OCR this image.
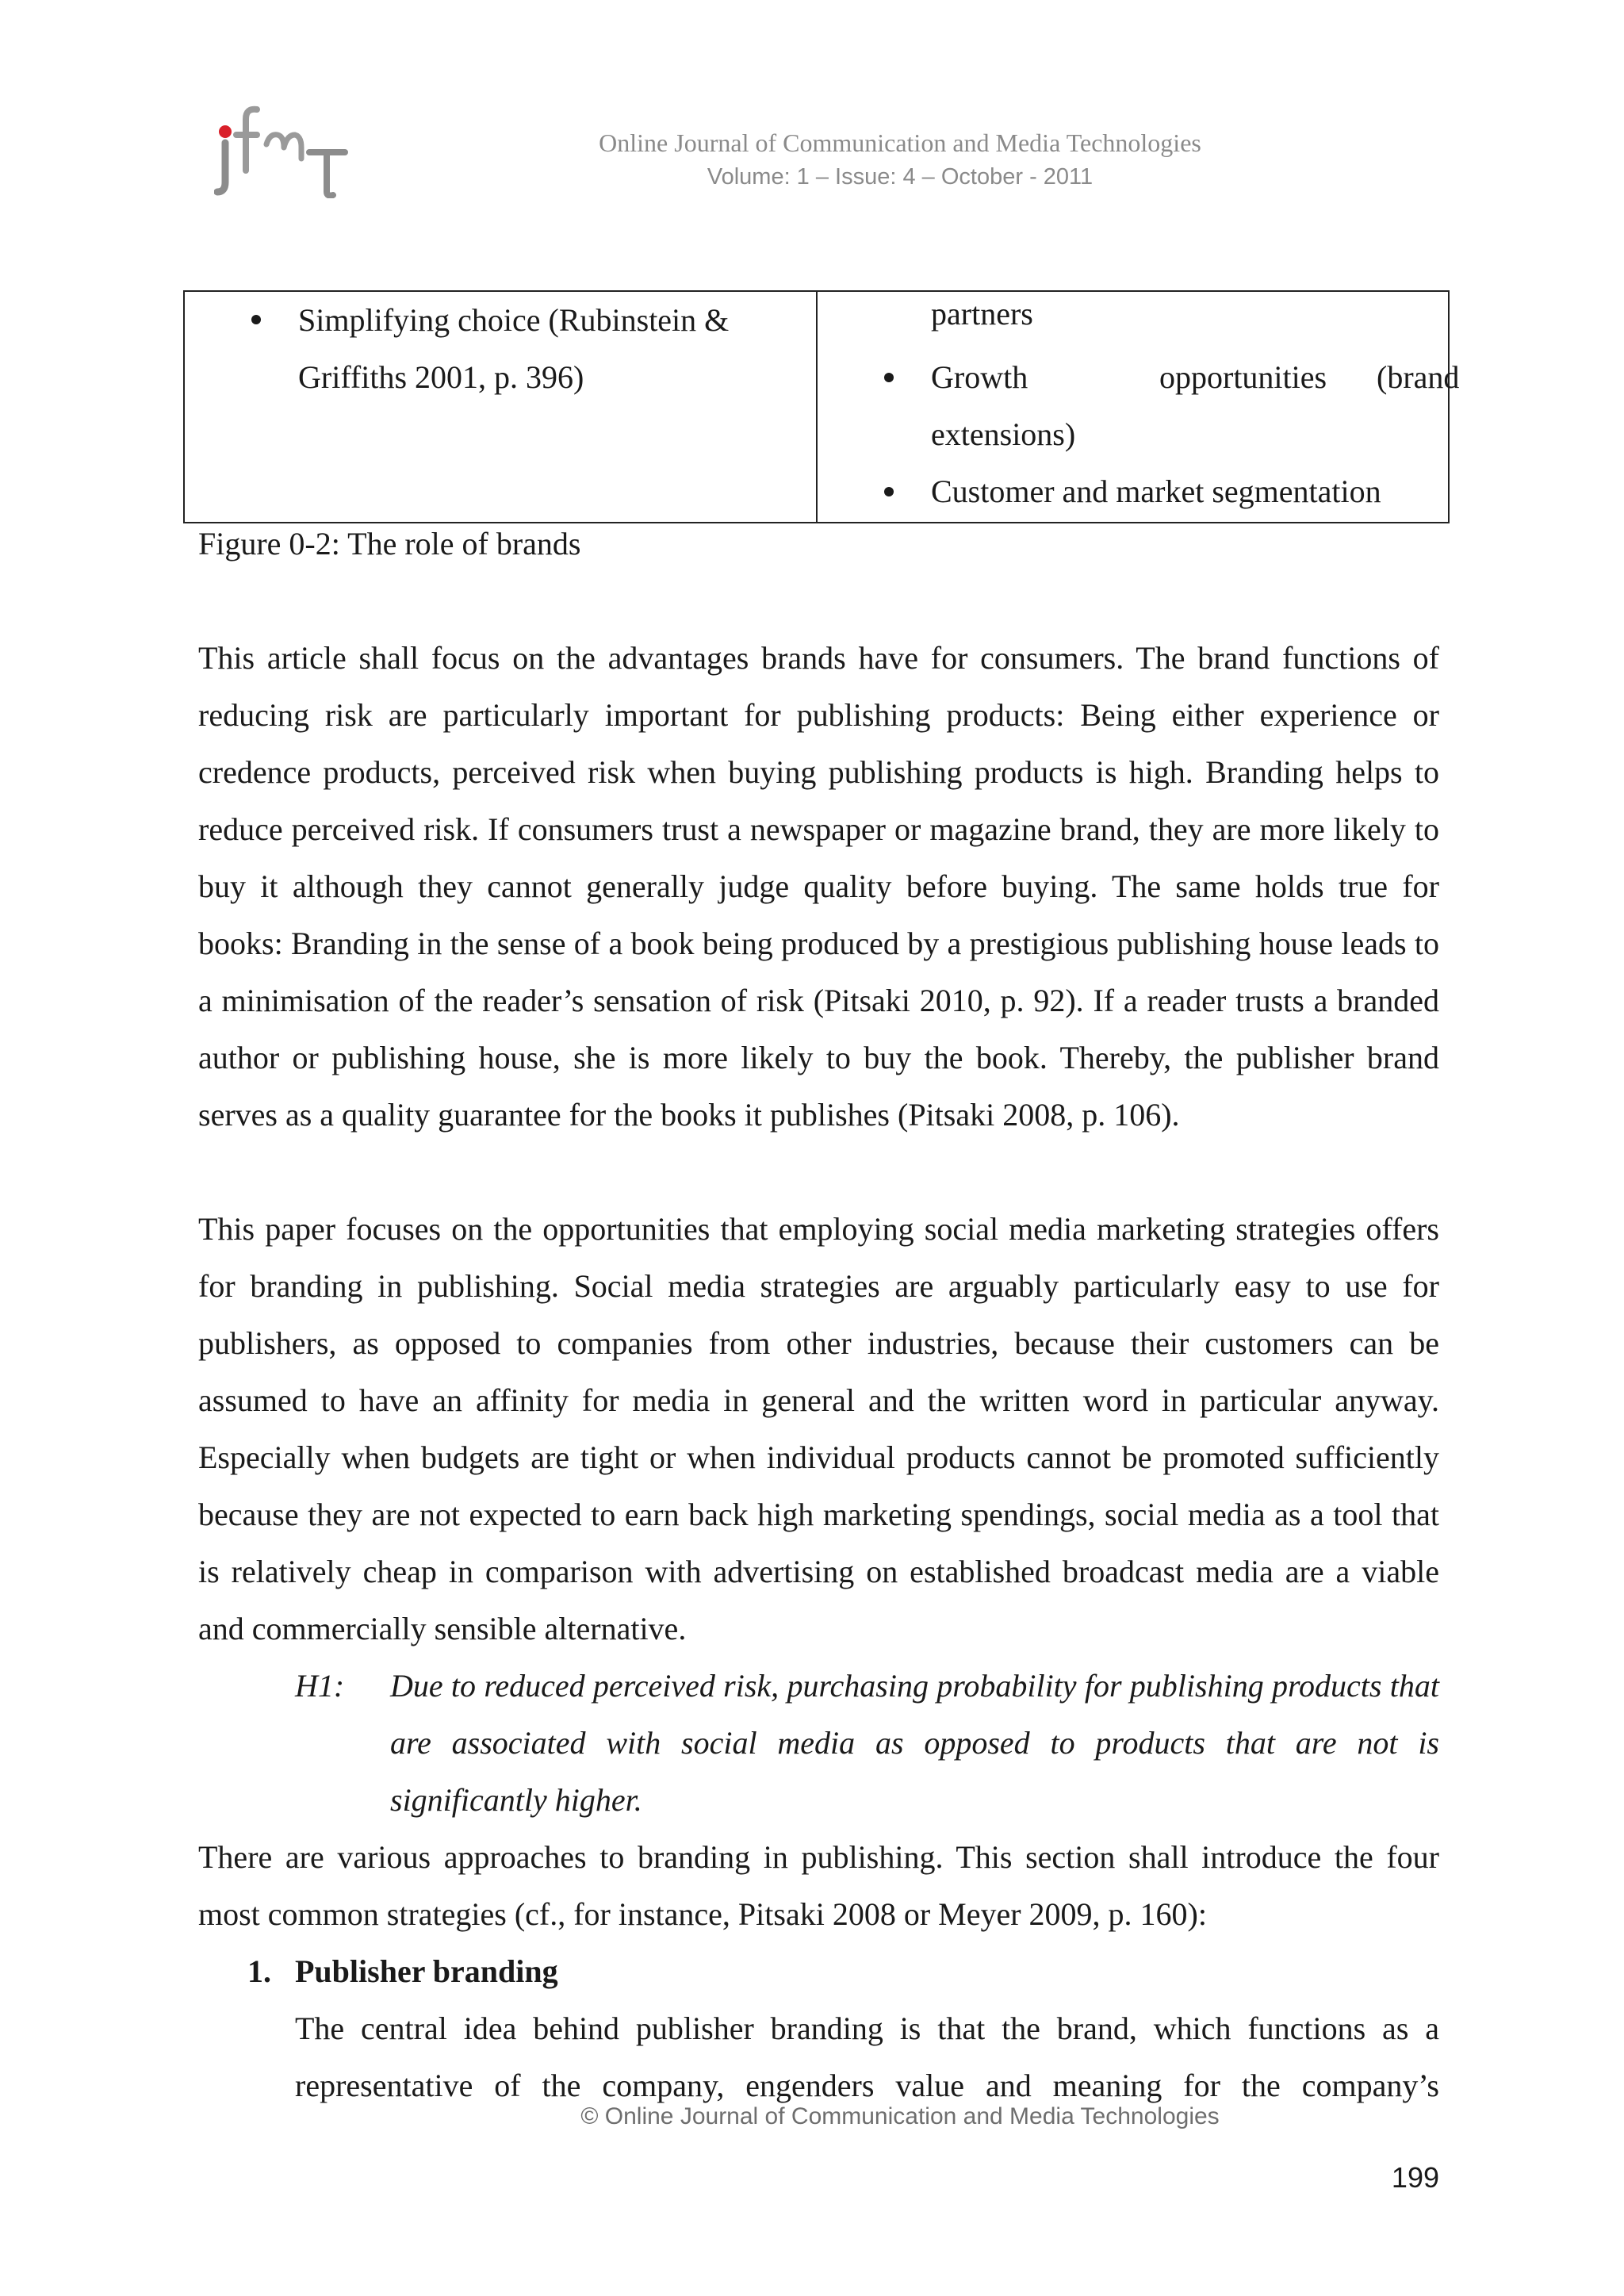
Online Journal of Communication and Media Technologies
Volume: 1 – Issue: 4 – October - 2011
Simplifying choice (Rubinstein &
Griffiths 2001, p. 396)
partners
Growth	opportunities (brand
extensions)
Customer and market segmentation
Figure 0-2: The role of brands
This article shall focus on the advantages brands have for consumers. The brand functions of reducing risk are particularly important for publishing products: Being either experience or credence products, perceived risk when buying publishing products is high. Branding helps to reduce perceived risk. If consumers trust a newspaper or magazine brand, they are more likely to buy it although they cannot generally judge quality before buying. The same holds true for books: Branding in the sense of a book being produced by a prestigious publishing house leads to a minimisation of the reader’s sensation of risk (Pitsaki 2010, p. 92). If a reader trusts a branded author or publishing house, she is more likely to buy the book. Thereby, the publisher brand serves as a quality guarantee for the books it publishes (Pitsaki 2008, p. 106).
This paper focuses on the opportunities that employing social media marketing strategies offers for branding in publishing. Social media strategies are arguably particularly easy to use for publishers, as opposed to companies from other industries, because their customers can be assumed to have an affinity for media in general and the written word in particular anyway. Especially when budgets are tight or when individual products cannot be promoted sufficiently because they are not expected to earn back high marketing spendings, social media as a tool that is relatively cheap in comparison with advertising on established broadcast media are a viable and commercially sensible alternative.
H1: Due to reduced perceived risk, purchasing probability for publishing products that are associated with social media as opposed to products that are not is significantly higher.
There are various approaches to branding in publishing. This section shall introduce the four most common strategies (cf., for instance, Pitsaki 2008 or Meyer 2009, p. 160):
1. Publisher branding
The central idea behind publisher branding is that the brand, which functions as a
representative of the company, engenders value and meaning for the company’s
© Online Journal of Communication and Media Technologies
199
